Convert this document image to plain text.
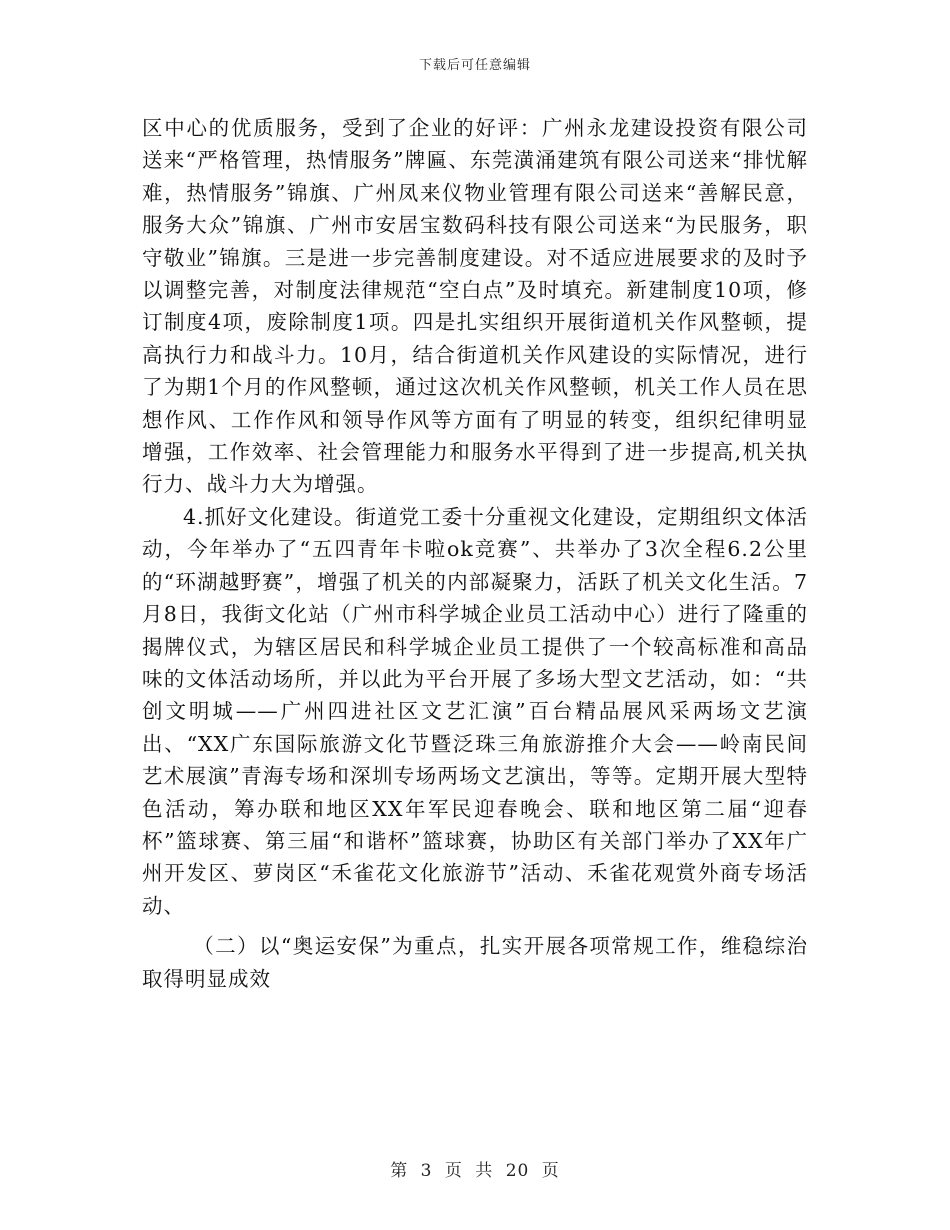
下载后可任意编辑

区中心的优质服务，受到了企业的好评：广州永龙建设投资有限公司送来“严格管理，热情服务”牌匾、东莞潢涌建筑有限公司送来“排忧解难，热情服务”锦旗、广州凤来仪物业管理有限公司送来“善解民意，服务大众”锦旗、广州市安居宝数码科技有限公司送来“为民服务，职守敬业”锦旗。三是进一步完善制度建设。对不适应进展要求的及时予以调整完善，对制度法律规范“空白点”及时填充。新建制度10项，修订制度4项，废除制度1项。四是扎实组织开展街道机关作风整顿，提高执行力和战斗力。10月，结合街道机关作风建设的实际情况，进行了为期1个月的作风整顿，通过这次机关作风整顿，机关工作人员在思想作风、工作作风和领导作风等方面有了明显的转变，组织纪律明显增强，工作效率、社会管理能力和服务水平得到了进一步提高,机关执行力、战斗力大为增强。

4.抓好文化建设。街道党工委十分重视文化建设，定期组织文体活动，今年举办了“五四青年卡啦ok竞赛”、共举办了3次全程6.2公里的“环湖越野赛”，增强了机关的内部凝聚力，活跃了机关文化生活。7月8日，我街文化站（广州市科学城企业员工活动中心）进行了隆重的揭牌仪式，为辖区居民和科学城企业员工提供了一个较高标准和高品味的文体活动场所，并以此为平台开展了多场大型文艺活动，如：“共创文明城——广州四进社区文艺汇演”百台精品展风采两场文艺演出、“XX广东国际旅游文化节暨泛珠三角旅游推介大会——岭南民间艺术展演”青海专场和深圳专场两场文艺演出，等等。定期开展大型特色活动，筹办联和地区XX年军民迎春晚会、联和地区第二届“迎春杯”篮球赛、第三届“和谐杯”篮球赛，协助区有关部门举办了XX年广州开发区、萝岗区“禾雀花文化旅游节”活动、禾雀花观赏外商专场活动、

（二）以“奥运安保”为重点，扎实开展各项常规工作，维稳综治取得明显成效

第 3 页 共 20 页
